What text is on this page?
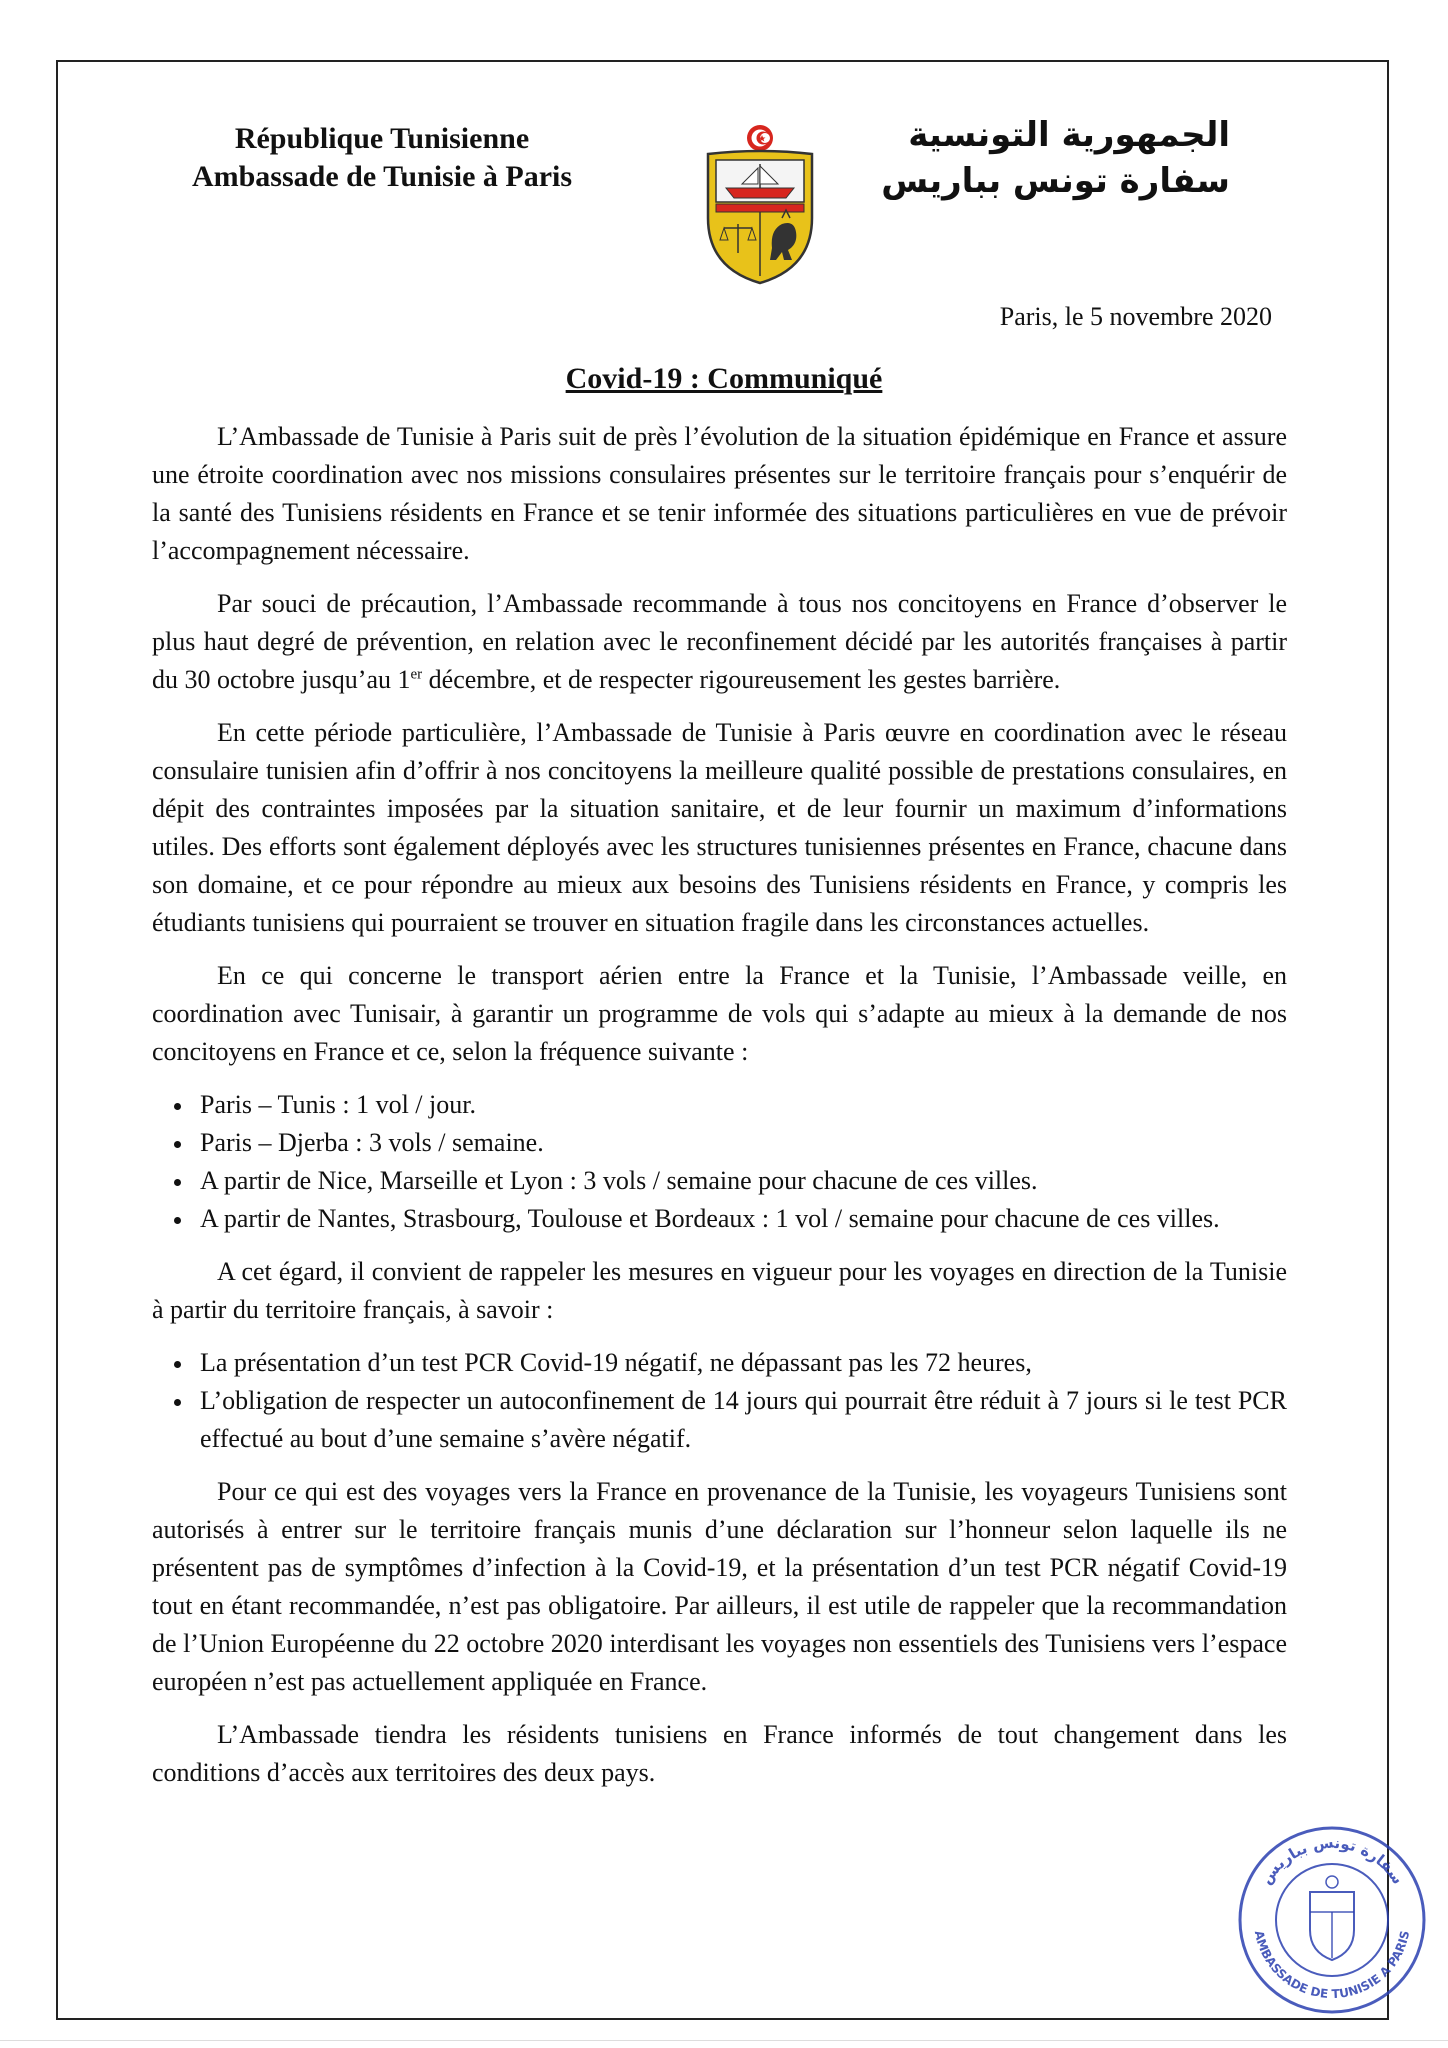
République Tunisienne
Ambassade de Tunisie à Paris
الجمهورية التونسية
سفارة تونس بباريس
Paris, le 5 novembre 2020
Covid-19 : Communiqué

L’Ambassade de Tunisie à Paris suit de près l’évolution de la situation épidémique en France et assure une étroite coordination avec nos missions consulaires présentes sur le territoire français pour s’enquérir de la santé des Tunisiens résidents en France et se tenir informée des situations particulières en vue de prévoir l’accompagnement nécessaire.

Par souci de précaution, l’Ambassade recommande à tous nos concitoyens en France d’observer le plus haut degré de prévention, en relation avec le reconfinement décidé par les autorités françaises à partir du 30 octobre jusqu’au 1er décembre, et de respecter rigoureusement les gestes barrière.

En cette période particulière, l’Ambassade de Tunisie à Paris œuvre en coordination avec le réseau consulaire tunisien afin d’offrir à nos concitoyens la meilleure qualité possible de prestations consulaires, en dépit des contraintes imposées par la situation sanitaire, et de leur fournir un maximum d’informations utiles. Des efforts sont également déployés avec les structures tunisiennes présentes en France, chacune dans son domaine, et ce pour répondre au mieux aux besoins des Tunisiens résidents en France, y compris les étudiants tunisiens qui pourraient se trouver en situation fragile dans les circonstances actuelles.

En ce qui concerne le transport aérien entre la France et la Tunisie, l’Ambassade veille, en coordination avec Tunisair, à garantir un programme de vols qui s’adapte au mieux à la demande de nos concitoyens en France et ce, selon la fréquence suivante :

• Paris – Tunis : 1 vol / jour.
• Paris – Djerba : 3 vols / semaine.
• A partir de Nice, Marseille et Lyon : 3 vols / semaine pour chacune de ces villes.
• A partir de Nantes, Strasbourg, Toulouse et Bordeaux : 1 vol / semaine pour chacune de ces villes.

A cet égard, il convient de rappeler les mesures en vigueur pour les voyages en direction de la Tunisie à partir du territoire français, à savoir :

• La présentation d’un test PCR Covid-19 négatif, ne dépassant pas les 72 heures,
• L’obligation de respecter un autoconfinement de 14 jours qui pourrait être réduit à 7 jours si le test PCR effectué au bout d’une semaine s’avère négatif.

Pour ce qui est des voyages vers la France en provenance de la Tunisie, les voyageurs Tunisiens sont autorisés à entrer sur le territoire français munis d’une déclaration sur l’honneur selon laquelle ils ne présentent pas de symptômes d’infection à la Covid-19, et la présentation d’un test PCR négatif Covid-19 tout en étant recommandée, n’est pas obligatoire. Par ailleurs, il est utile de rappeler que la recommandation de l’Union Européenne du 22 octobre 2020 interdisant les voyages non essentiels des Tunisiens vers l’espace européen n’est pas actuellement appliquée en France.

L’Ambassade tiendra les résidents tunisiens en France informés de tout changement dans les conditions d’accès aux territoires des deux pays.

سفارة تونس بباريس
AMBASSADE DE TUNISIE A PARIS
